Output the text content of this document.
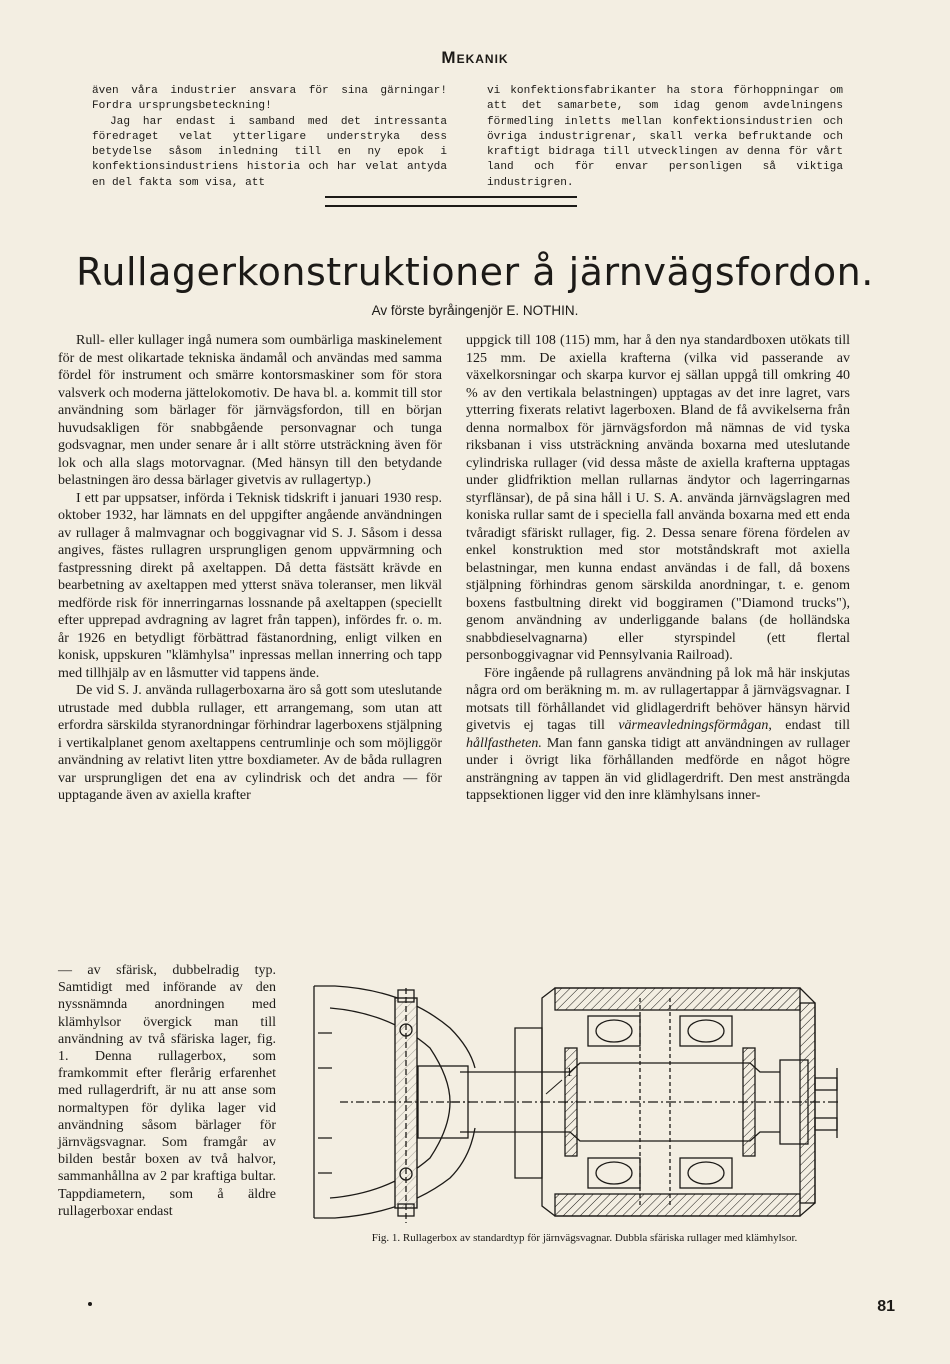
Mekanik

även våra industrier ansvara för sina gärningar! Fordra ursprungsbeteckning!

Jag har endast i samband med det intressanta föredraget velat ytterligare understryka dess betydelse såsom inledning till en ny epok i konfektionsindustriens historia och har velat antyda en del fakta som visa, att

vi konfektionsfabrikanter ha stora förhoppningar om att det samarbete, som idag genom avdelningens förmedling inletts mellan konfektionsindustrien och övriga industrigrenar, skall verka befruktande och kraftigt bidraga till utvecklingen av denna för vårt land och för envar personligen så viktiga industrigren.

Rullagerkonstruktioner å järnvägsfordon.
Av förste byråingenjör E. NOTHIN.

Rull- eller kullager ingå numera som oumbärliga maskinelement för de mest olikartade tekniska ändamål och användas med samma fördel för instrument och smärre kontorsmaskiner som för stora valsverk och moderna jättelokomotiv. De hava bl. a. kommit till stor användning som bärlager för järnvägsfordon, till en början huvudsakligen för snabbgående personvagnar och tunga godsvagnar, men under senare år i allt större utsträckning även för lok och alla slags motorvagnar. (Med hänsyn till den betydande belastningen äro dessa bärlager givetvis av rullagertyp.)

I ett par uppsatser, införda i Teknisk tidskrift i januari 1930 resp. oktober 1932, har lämnats en del uppgifter angående användningen av rullager å malmvagnar och boggivagnar vid S. J. Såsom i dessa angives, fästes rullagren ursprungligen genom uppvärmning och fastpressning direkt på axeltappen. Då detta fästsätt krävde en bearbetning av axeltappen med ytterst snäva toleranser, men likväl medförde risk för innerringarnas lossnande på axeltappen (speciellt efter upprepad avdragning av lagret från tappen), infördes fr. o. m. år 1926 en betydligt förbättrad fästanordning, enligt vilken en konisk, uppskuren "klämhylsa" inpressas mellan innerring och tapp med tillhjälp av en låsmutter vid tappens ände.

De vid S. J. använda rullagerboxarna äro så gott som uteslutande utrustade med dubbla rullager, ett arrangemang, som utan att erfordra särskilda styranordningar förhindrar lagerboxens stjälpning i vertikalplanet genom axeltappens centrumlinje och som möjliggör användning av relativt liten yttre boxdiameter. Av de båda rullagren var ursprungligen det ena av cylindrisk och det andra — för upptagande även av axiella krafter

— av sfärisk, dubbelradig typ. Samtidigt med införande av den nyssnämnda anordningen med klämhylsor övergick man till användning av två sfäriska lager, fig. 1. Denna rullagerbox, som framkommit efter flerårig erfarenhet med rullagerdrift, är nu att anse som normaltypen för dylika lager vid användning såsom bärlager för järnvägsvagnar. Som framgår av bilden består boxen av två halvor, sammanhållna av 2 par kraftiga bultar. Tappdiametern, som å äldre rullagerboxar endast

uppgick till 108 (115) mm, har å den nya standardboxen utökats till 125 mm. De axiella krafterna (vilka vid passerande av växelkorsningar och skarpa kurvor ej sällan uppgå till omkring 40 % av den vertikala belastningen) upptagas av det inre lagret, vars ytterring fixerats relativt lagerboxen. Bland de få avvikelserna från denna normalbox för järnvägsfordon må nämnas de vid tyska riksbanan i viss utsträckning använda boxarna med uteslutande cylindriska rullager (vid dessa måste de axiella krafterna upptagas under glidfriktion mellan rullarnas ändytor och lagerringarnas styrflänsar), de på sina håll i U. S. A. använda järnvägslagren med koniska rullar samt de i speciella fall använda boxarna med ett enda tvåradigt sfäriskt rullager, fig. 2. Dessa senare förena fördelen av enkel konstruktion med stor motståndskraft mot axiella belastningar, men kunna endast användas i de fall, då boxens stjälpning förhindras genom särskilda anordningar, t. e. genom boxens fastbultning direkt vid boggiramen ("Diamond trucks"), genom användning av underliggande balans (de holländska snabbdieselvagnarna) eller styrspindel (ett flertal personboggivagnar vid Pennsylvania Railroad).

Före ingående på rullagrens användning på lok må här inskjutas några ord om beräkning m. m. av rullagertappar å järnvägsvagnar. I motsats till förhållandet vid glidlagerdrift behöver hänsyn härvid givetvis ej tagas till värmeavledningsförmågan, endast till hållfastheten. Man fann ganska tidigt att användningen av rullager under i övrigt lika förhållanden medförde en något högre ansträngning av tappen än vid glidlagerdrift. Den mest ansträngda tappsektionen ligger vid den inre klämhylsans inner-

1
Fig. 1. Rullagerbox av standardtyp för järnvägsvagnar. Dubbla sfäriska rullager med klämhylsor.
81
